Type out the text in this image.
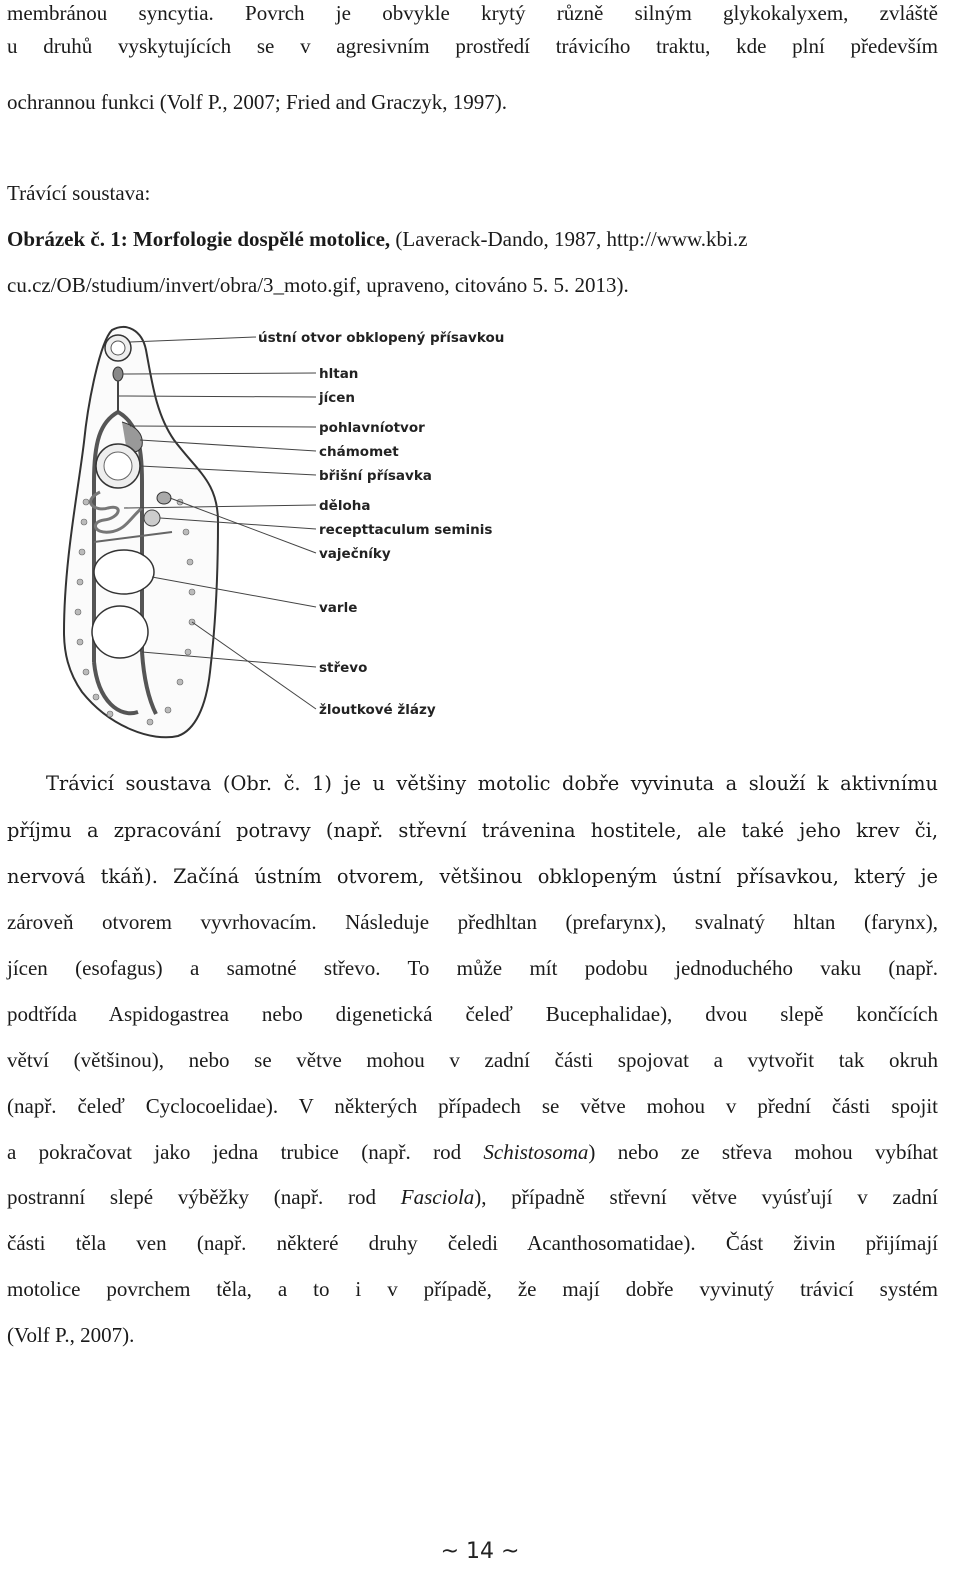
membránou syncytia. Povrch je obvykle krytý různě silným glykokalyxem, zvláště
u druhů vyskytujících se v agresivním prostředí trávicího traktu, kde plní především
ochrannou funkci (Volf P., 2007; Fried and Graczyk, 1997).
Trávící soustava:
Obrázek č. 1: Morfologie dospělé motolice, (Laverack-Dando, 1987, http://www.kbi.z
cu.cz/OB/studium/invert/obra/3_moto.gif, upraveno, citováno 5. 5. 2013).
ústní otvor obklopený přísavkou
hltan
jícen
pohlavníotvor
chámomet
břišní přísavka
děloha
recepttaculum seminis
vaječníky
varle
střevo
žloutkové žlázy
Trávicí soustava (Obr. č. 1) je u většiny motolic dobře vyvinuta a slouží k aktivnímu
příjmu a zpracování potravy (např. střevní trávenina hostitele, ale také jeho krev či,
nervová tkáň). Začíná ústním otvorem, většinou obklopeným ústní přísavkou, který je
zároveň otvorem vyvrhovacím. Následuje předhltan (prefarynx), svalnatý hltan (farynx),
jícen (esofagus) a samotné střevo. To může mít podobu jednoduchého vaku (např.
podtřída Aspidogastrea nebo digenetická čeleď Bucephalidae), dvou slepě končících
větví (většinou), nebo se větve mohou v zadní části spojovat a vytvořit tak okruh
(např. čeleď Cyclocoelidae). V některých případech se větve mohou v přední části spojit
a pokračovat jako jedna trubice (např. rod Schistosoma) nebo ze střeva mohou vybíhat
postranní slepé výběžky (např. rod Fasciola), případně střevní větve vyúsťují v zadní
části těla ven (např. některé druhy čeledi Acanthosomatidae). Část živin přijímají
motolice povrchem těla, a to i v případě, že mají dobře vyvinutý trávicí systém
(Volf P., 2007).
~ 14 ~
